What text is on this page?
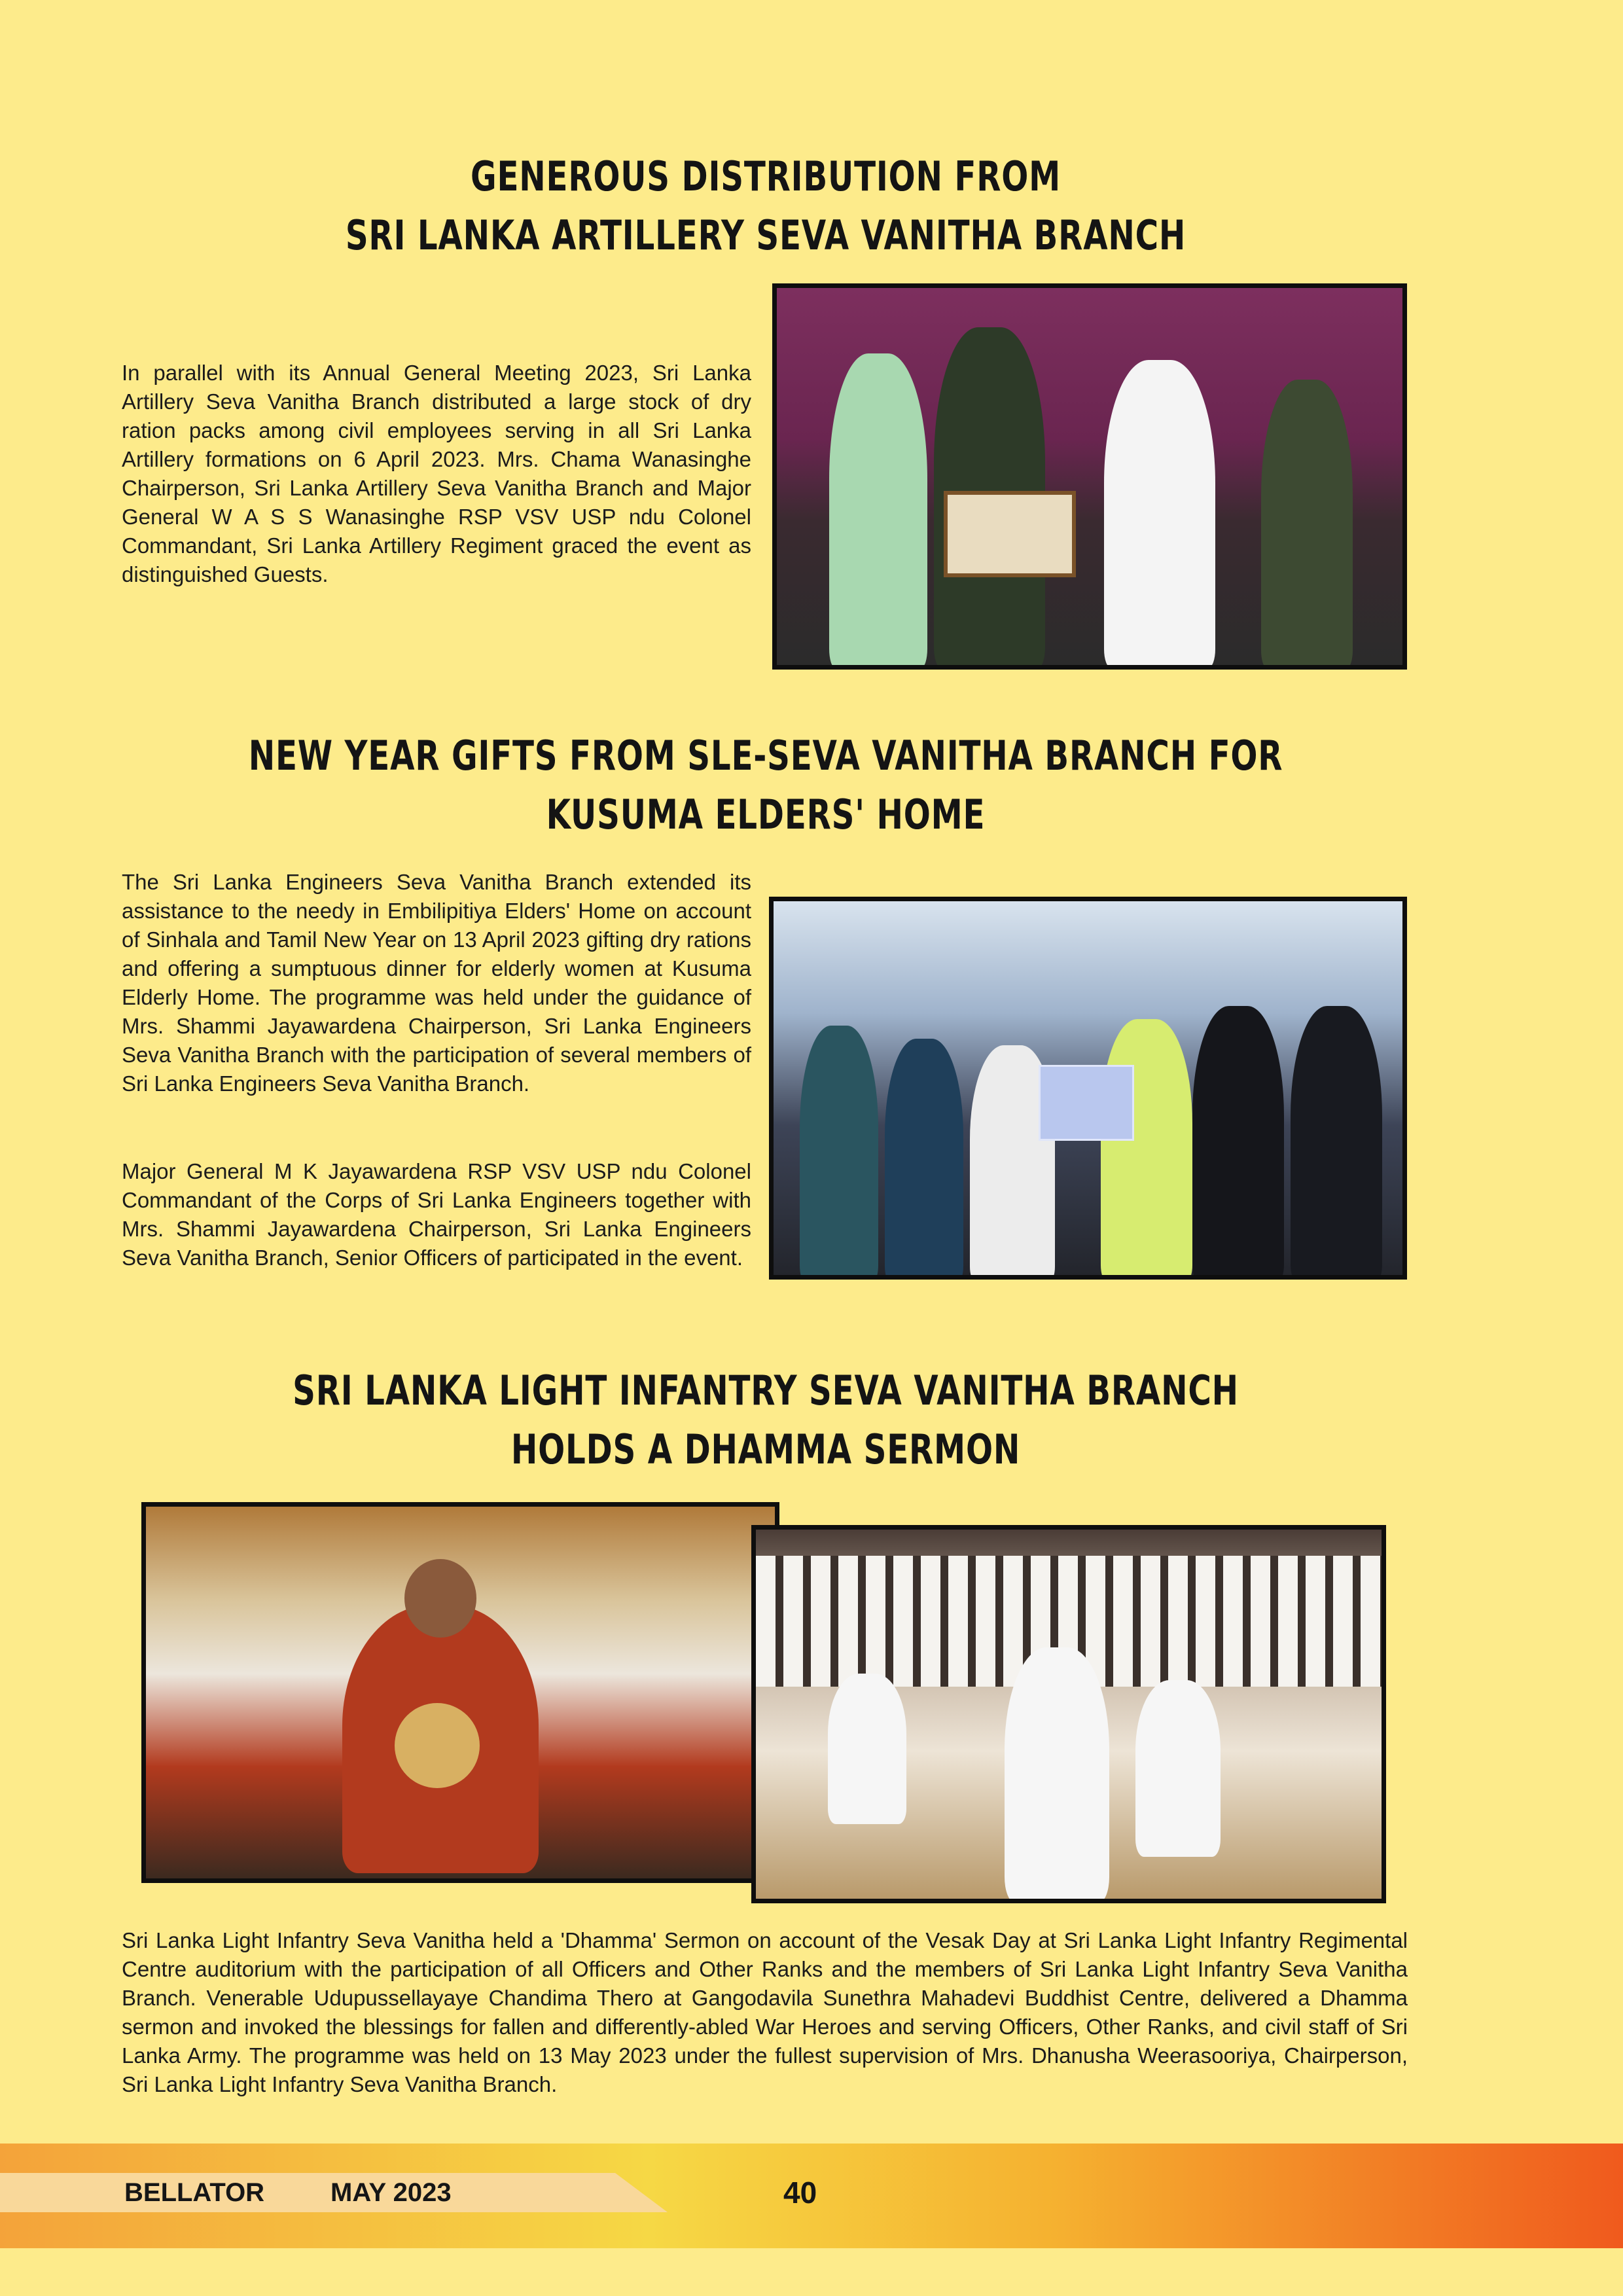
GENEROUS DISTRIBUTION FROM
SRI LANKA ARTILLERY SEVA VANITHA BRANCH

In parallel with its Annual General Meeting 2023, Sri Lanka Artillery Seva Vanitha Branch distributed a large stock of dry ration packs among civil employees serving in all Sri Lanka Artillery formations on 6 April 2023. Mrs. Chama Wanasinghe Chairperson, Sri Lanka Artillery Seva Vanitha Branch and Major General W A S S Wanasinghe RSP VSV USP ndu Colonel Commandant, Sri Lanka Artillery Regiment graced the event as distinguished Guests.

NEW YEAR GIFTS FROM SLE-SEVA VANITHA BRANCH FOR
KUSUMA ELDERS' HOME

The Sri Lanka Engineers Seva Vanitha Branch extended its assistance to the needy in Embilipitiya Elders' Home on account of Sinhala and Tamil New Year on 13 April 2023 gifting dry rations and offering a sumptuous dinner for elderly women at Kusuma Elderly Home. The programme was held under the guidance of Mrs. Shammi Jayawardena Chairperson, Sri Lanka Engineers Seva Vanitha Branch with the participation of several members of Sri Lanka Engineers Seva Vanitha Branch.

Major General M K Jayawardena RSP VSV USP ndu Colonel Commandant of the Corps of Sri Lanka Engineers together with Mrs. Shammi Jayawardena Chairperson, Sri Lanka Engineers Seva Vanitha Branch, Senior Officers of participated in the event.

SRI LANKA LIGHT INFANTRY SEVA VANITHA BRANCH
HOLDS A DHAMMA SERMON

Sri Lanka Light Infantry Seva Vanitha held a 'Dhamma' Sermon on account of the Vesak Day at Sri Lanka Light Infantry Regimental Centre auditorium with the participation of all Officers and Other Ranks and the members of Sri Lanka Light Infantry Seva Vanitha Branch. Venerable Udupussellayaye Chandima Thero at Gangodavila Sunethra Mahadevi Buddhist Centre, delivered a Dhamma sermon and invoked the blessings for fallen and differently-abled War Heroes and serving Officers, Other Ranks, and civil staff of Sri Lanka Army. The programme was held on 13 May 2023 under the fullest supervision of Mrs. Dhanusha Weerasooriya, Chairperson, Sri Lanka Light Infantry Seva Vanitha Branch.

BELLATOR	MAY 2023	40
